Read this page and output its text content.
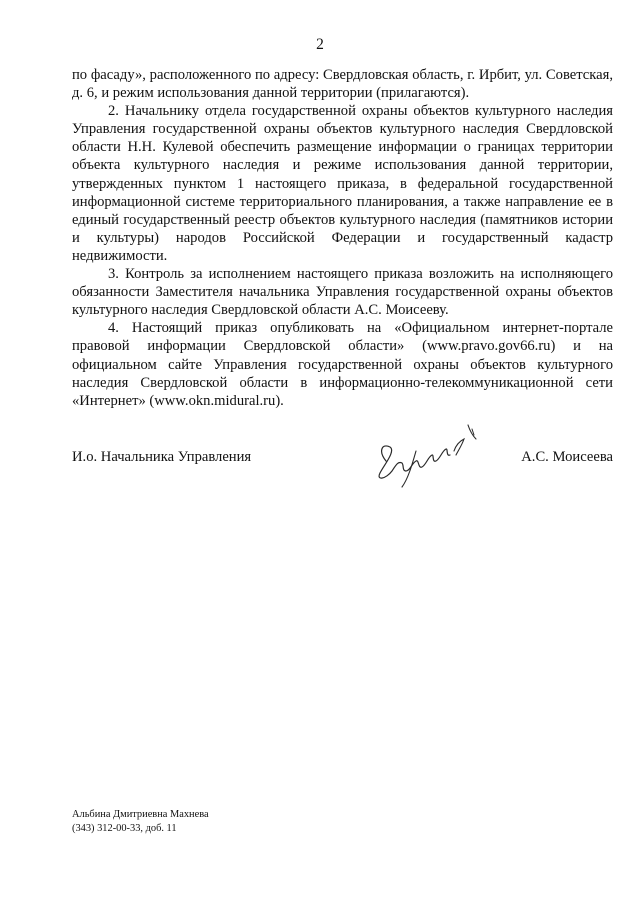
2

по фасаду», расположенного по адресу: Свердловская область, г. Ирбит, ул. Советская, д. 6, и режим использования данной территории (прилагаются).

2. Начальнику отдела государственной охраны объектов культурного наследия Управления государственной охраны объектов культурного наследия Свердловской области Н.Н. Кулевой обеспечить размещение информации о границах территории объекта культурного наследия и режиме использования данной территории, утвержденных пунктом 1 настоящего приказа, в федеральной государственной информационной системе территориального планирования, а также направление ее в единый государственный реестр объектов культурного наследия (памятников истории и культуры) народов Российской Федерации и государственный кадастр недвижимости.

3. Контроль за исполнением настоящего приказа возложить на исполняющего обязанности Заместителя начальника Управления государственной охраны объектов культурного наследия Свердловской области А.С. Моисееву.

4. Настоящий приказ опубликовать на «Официальном интернет-портале правовой информации Свердловской области» (www.pravo.gov66.ru) и на официальном сайте Управления государственной охраны объектов культурного наследия Свердловской области в информационно-телекоммуникационной сети «Интернет» (www.okn.midural.ru).

И.о. Начальника Управления	А.С. Моисеева
Альбина Дмитриевна Махнева
(343) 312-00-33, доб. 11
